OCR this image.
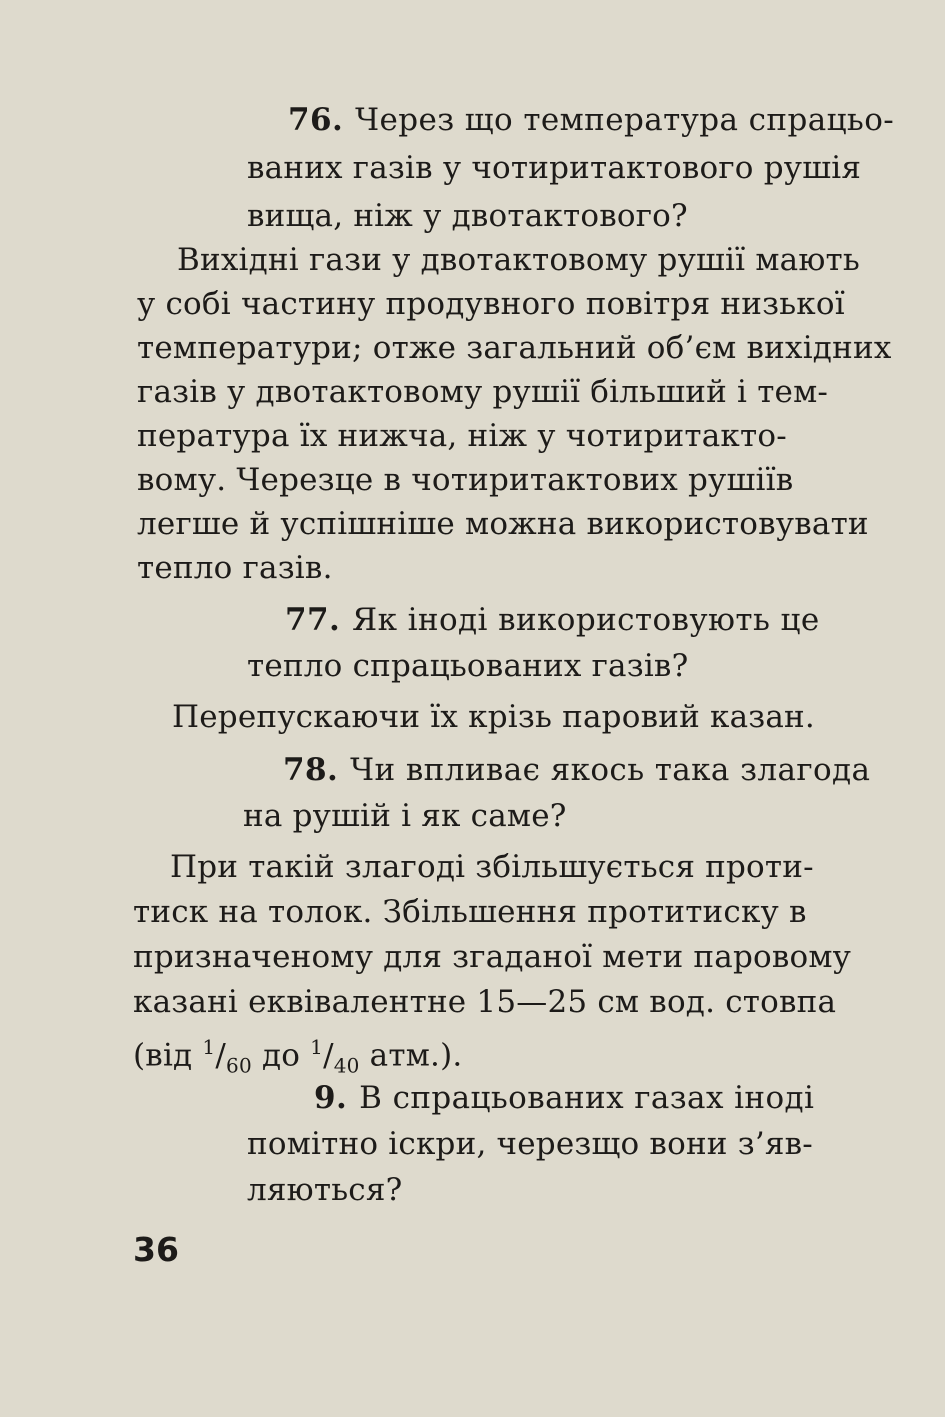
76. Через що температура спрацьо-
ваних газів у чотиритактового рушія
вища, ніж у двотактового?
Вихідні гази у двотактовому рушії мають
у собі частину продувного повітря низької
температури; отже загальний об’єм вихідних
газів у двотактовому рушії більший і тем-
пература їх нижча, ніж у чотиритакто-
вому. Черезце в чотиритактових рушіїв
легше й успішніше можна використовувати
тепло газів.
77. Як іноді використовують це
тепло спрацьованих газів?
Перепускаючи їх крізь паровий казан.
78. Чи впливає якось така злагода
на рушій і як саме?
При такій злагоді збільшується проти-
тиск на толок. Збільшення протитиску в
призначеному для згаданої мети паровому
казані еквівалентне 15—25 см вод. стовпа
(від $^1/_{60}$ до $^1/_{40}$ атм.).
9. В спрацьованих газах іноді
помітно іскри, черезщо вони з’яв-
ляються?
36
